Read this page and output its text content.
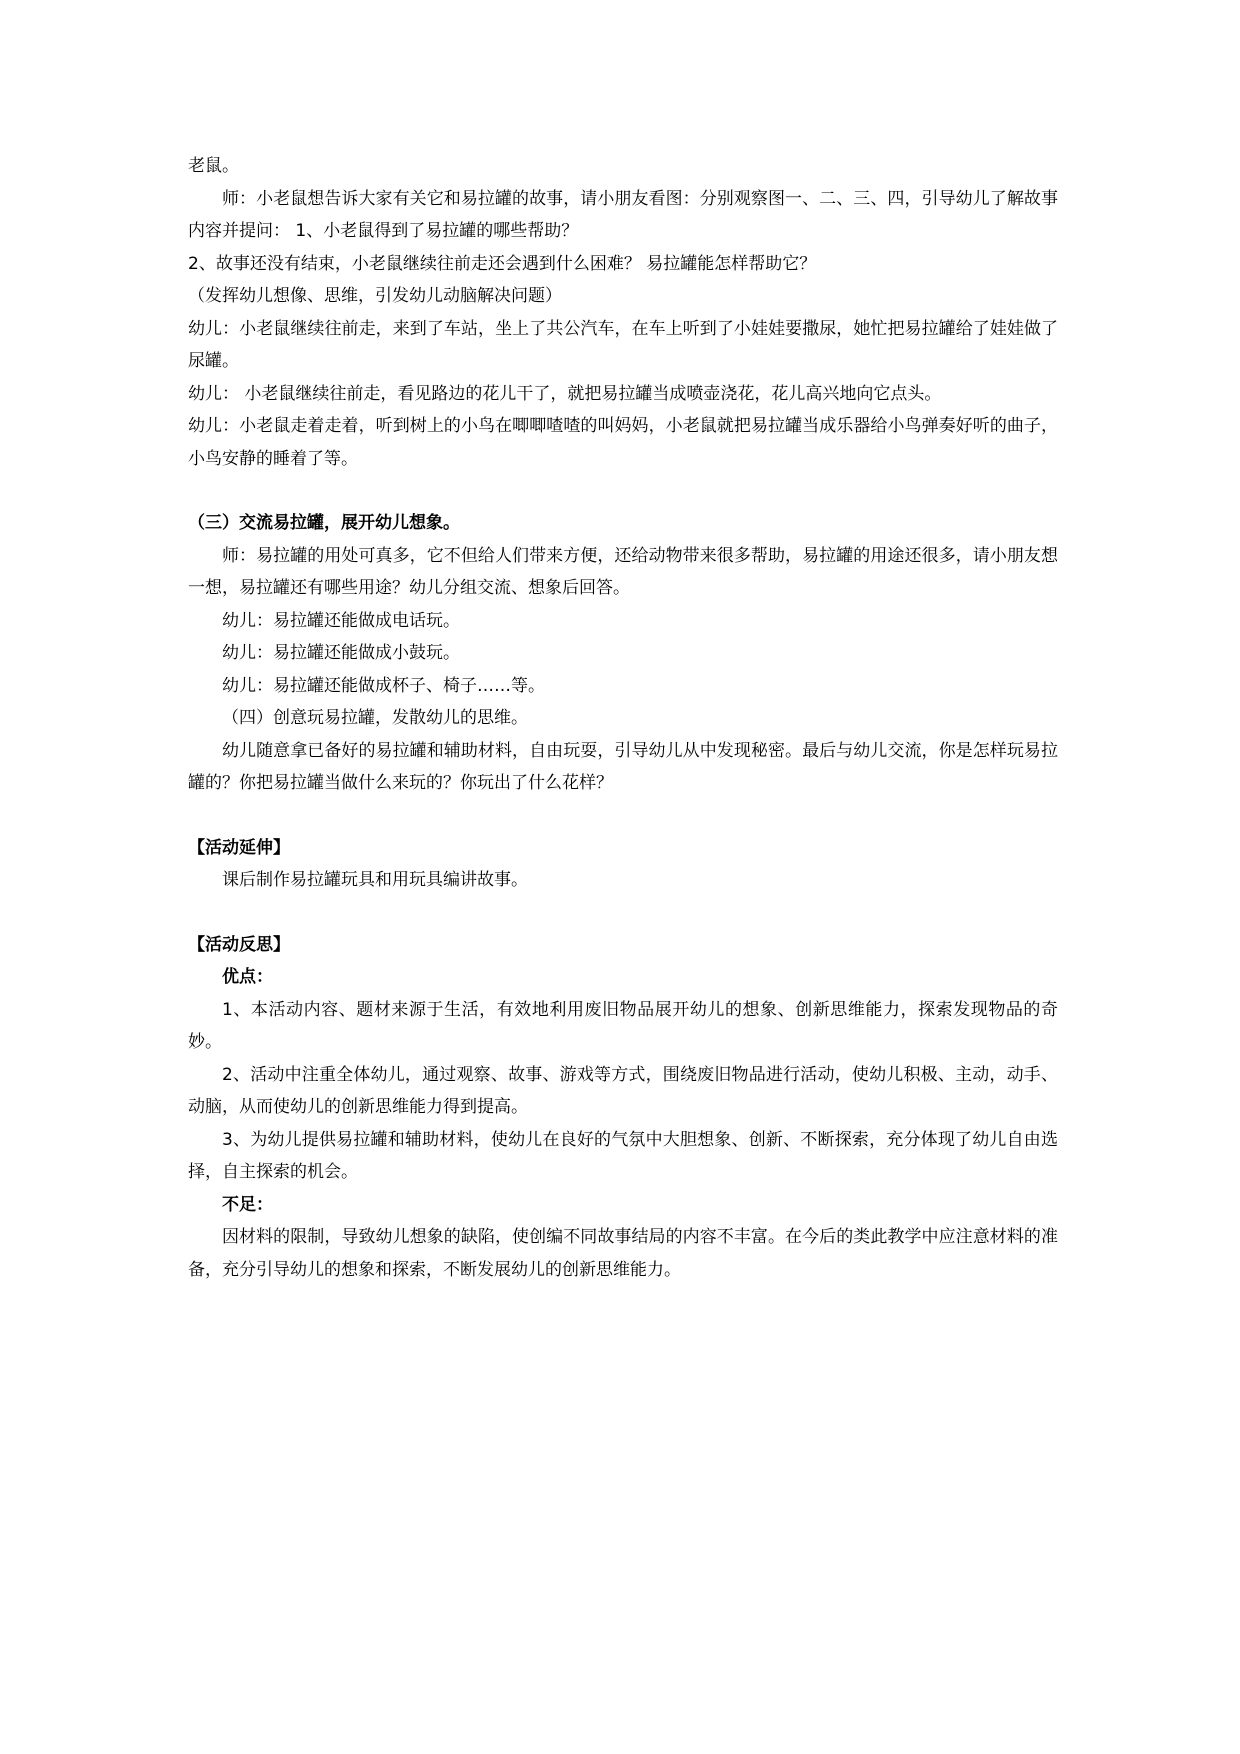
老鼠。

师：小老鼠想告诉大家有关它和易拉罐的故事，请小朋友看图：分别观察图一、二、三、四，引导幼儿了解故事内容并提问： 1、小老鼠得到了易拉罐的哪些帮助？

2、故事还没有结束，小老鼠继续往前走还会遇到什么困难？ 易拉罐能怎样帮助它？

（发挥幼儿想像、思维，引发幼儿动脑解决问题）

幼儿：小老鼠继续往前走，来到了车站，坐上了共公汽车，在车上听到了小娃娃要撒尿，她忙把易拉罐给了娃娃做了尿罐。

幼儿： 小老鼠继续往前走，看见路边的花儿干了，就把易拉罐当成喷壶浇花，花儿高兴地向它点头。

幼儿：小老鼠走着走着，听到树上的小鸟在唧唧喳喳的叫妈妈，小老鼠就把易拉罐当成乐器给小鸟弹奏好听的曲子，小鸟安静的睡着了等。

（三）交流易拉罐，展开幼儿想象。

师：易拉罐的用处可真多，它不但给人们带来方便，还给动物带来很多帮助，易拉罐的用途还很多，请小朋友想一想，易拉罐还有哪些用途？幼儿分组交流、想象后回答。

幼儿：易拉罐还能做成电话玩。

幼儿：易拉罐还能做成小鼓玩。

幼儿：易拉罐还能做成杯子、椅子……等。

（四）创意玩易拉罐，发散幼儿的思维。

幼儿随意拿已备好的易拉罐和辅助材料，自由玩耍，引导幼儿从中发现秘密。最后与幼儿交流，你是怎样玩易拉罐的？你把易拉罐当做什么来玩的？你玩出了什么花样？

【活动延伸】

课后制作易拉罐玩具和用玩具编讲故事。

【活动反思】

优点：

1、本活动内容、题材来源于生活，有效地利用废旧物品展开幼儿的想象、创新思维能力，探索发现物品的奇妙。

2、活动中注重全体幼儿，通过观察、故事、游戏等方式，围绕废旧物品进行活动，使幼儿积极、主动，动手、动脑，从而使幼儿的创新思维能力得到提高。

3、为幼儿提供易拉罐和辅助材料，使幼儿在良好的气氛中大胆想象、创新、不断探索，充分体现了幼儿自由选择，自主探索的机会。

不足：

因材料的限制，导致幼儿想象的缺陷，使创编不同故事结局的内容不丰富。在今后的类此教学中应注意材料的准备，充分引导幼儿的想象和探索，不断发展幼儿的创新思维能力。
